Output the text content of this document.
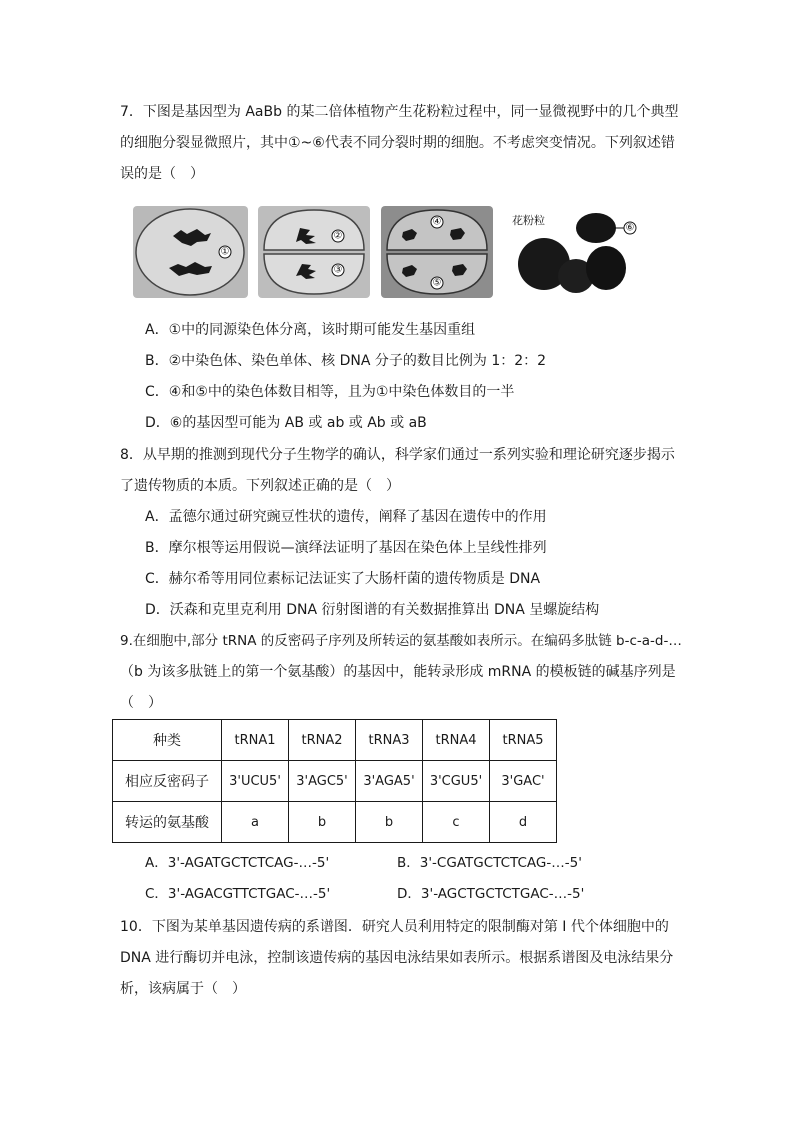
7．下图是基因型为 AaBb 的某二倍体植物产生花粉粒过程中，同一显微视野中的几个典型
的细胞分裂显微照片，其中①~⑥代表不同分裂时期的细胞。不考虑突变情况。下列叙述错
误的是（　）
①
②
③
④
⑤
花粉粒
⑥
A．①中的同源染色体分离，该时期可能发生基因重组
B．②中染色体、染色单体、核 DNA 分子的数目比例为 1：2：2
C．④和⑤中的染色体数目相等，且为①中染色体数目的一半
D．⑥的基因型可能为 AB 或 ab 或 Ab 或 aB
8．从早期的推测到现代分子生物学的确认，科学家们通过一系列实验和理论研究逐步揭示
了遗传物质的本质。下列叙述正确的是（　）
A．孟德尔通过研究豌豆性状的遗传，阐释了基因在遗传中的作用
B．摩尔根等运用假说—演绎法证明了基因在染色体上呈线性排列
C．赫尔希等用同位素标记法证实了大肠杆菌的遗传物质是 DNA
D．沃森和克里克利用 DNA 衍射图谱的有关数据推算出 DNA 呈螺旋结构
9.在细胞中,部分 tRNA 的反密码子序列及所转运的氨基酸如表所示。在编码多肽链 b-c-a-d-…
（b 为该多肽链上的第一个氨基酸）的基因中，能转录形成 mRNA 的模板链的碱基序列是
（　）
种类	tRNA1	tRNA2	tRNA3	tRNA4	tRNA5
相应反密码子	3'UCU5'	3'AGC5'	3'AGA5'	3'CGU5'	3'GAC'
转运的氨基酸	a	b	b	c	d
A．3'-AGATGCTCTCAG-…-5'	B．3'-CGATGCTCTCAG-…-5'
C．3'-AGACGTTCTGAC-…-5'	D．3'-AGCTGCTCTGAC-…-5'
10．下图为某单基因遗传病的系谱图．研究人员利用特定的限制酶对第 I 代个体细胞中的
DNA 进行酶切并电泳，控制该遗传病的基因电泳结果如表所示。根据系谱图及电泳结果分
析，该病属于（　）
